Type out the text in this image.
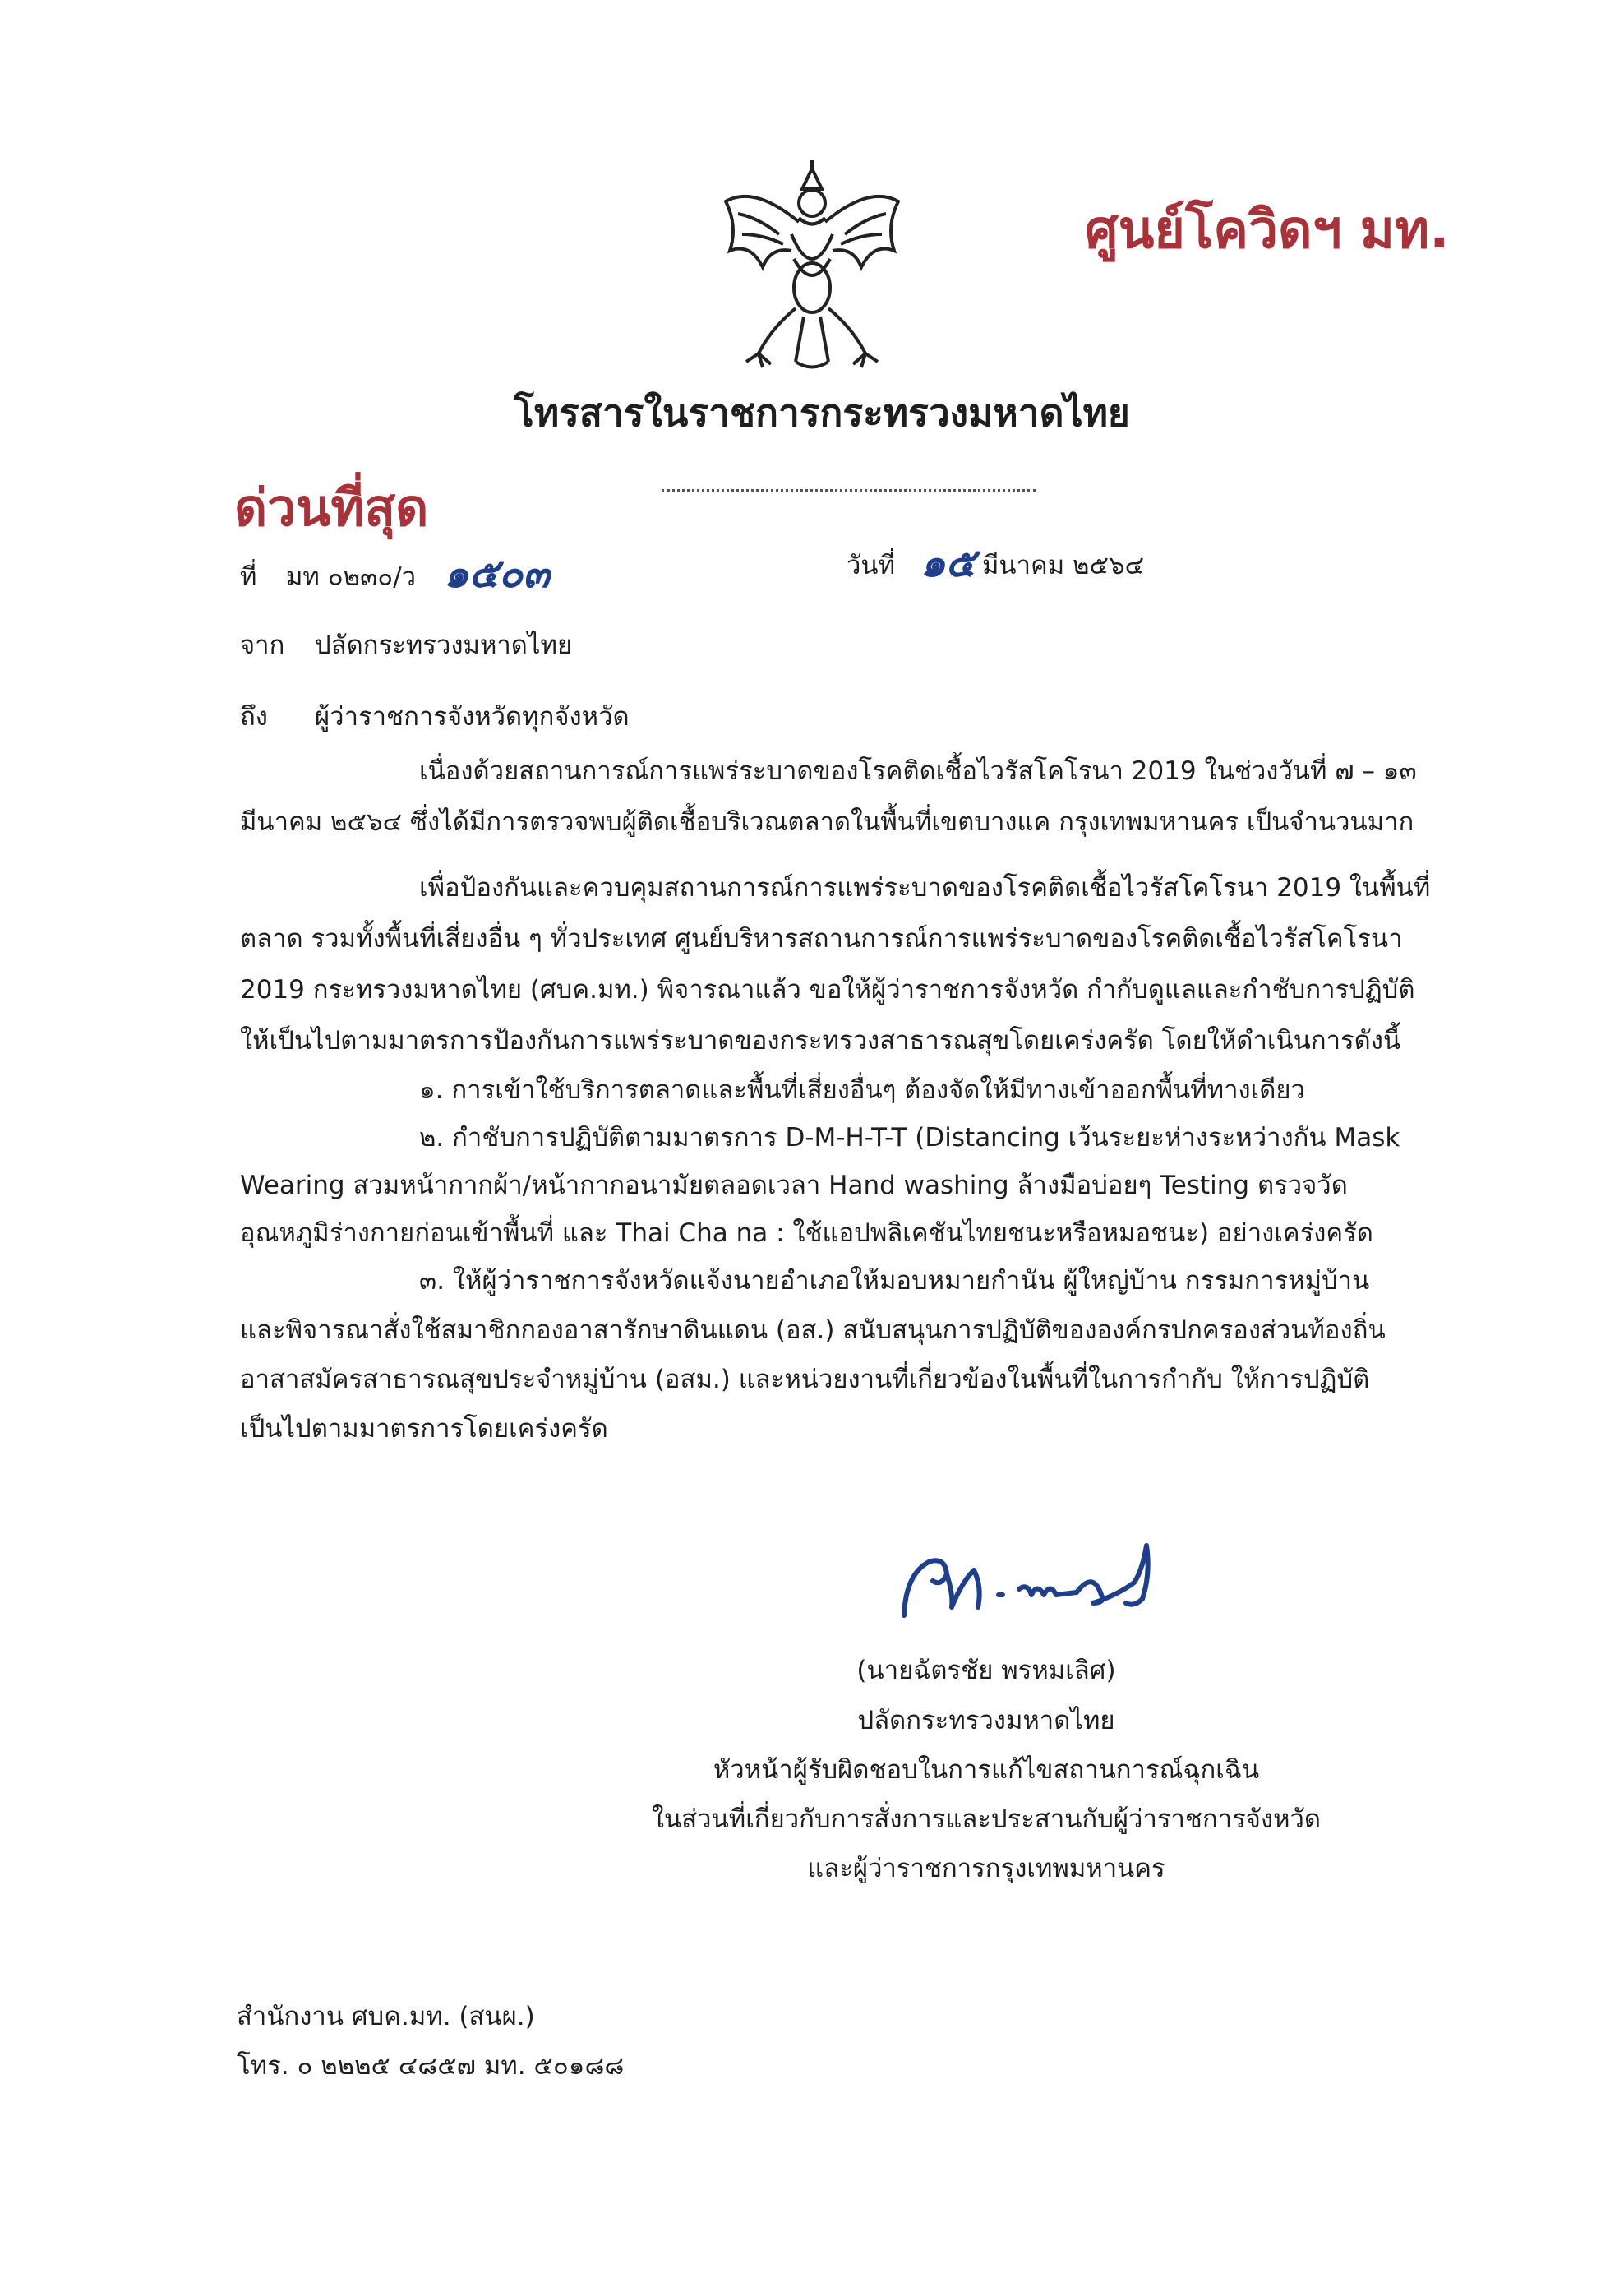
ศูนย์โควิดฯ มท.
โทรสารในราชการกระทรวงมหาดไทย
ด่วนที่สุด
ที่ มท ๐๒๓๐/ว ๑๕๐๓	วันที่ ๑๕ มีนาคม ๒๕๖๔
จาก ปลัดกระทรวงมหาดไทย
ถึง ผู้ว่าราชการจังหวัดทุกจังหวัด
เนื่องด้วยสถานการณ์การแพร่ระบาดของโรคติดเชื้อไวรัสโคโรนา 2019 ในช่วงวันที่ ๗ – ๑๓
มีนาคม ๒๕๖๔ ซึ่งได้มีการตรวจพบผู้ติดเชื้อบริเวณตลาดในพื้นที่เขตบางแค กรุงเทพมหานคร เป็นจำนวนมาก
เพื่อป้องกันและควบคุมสถานการณ์การแพร่ระบาดของโรคติดเชื้อไวรัสโคโรนา 2019 ในพื้นที่
ตลาด รวมทั้งพื้นที่เสี่ยงอื่น ๆ ทั่วประเทศ ศูนย์บริหารสถานการณ์การแพร่ระบาดของโรคติดเชื้อไวรัสโคโรนา
2019 กระทรวงมหาดไทย (ศบค.มท.) พิจารณาแล้ว ขอให้ผู้ว่าราชการจังหวัด กำกับดูแลและกำชับการปฏิบัติ
ให้เป็นไปตามมาตรการป้องกันการแพร่ระบาดของกระทรวงสาธารณสุขโดยเคร่งครัด โดยให้ดำเนินการดังนี้
๑. การเข้าใช้บริการตลาดและพื้นที่เสี่ยงอื่นๆ ต้องจัดให้มีทางเข้าออกพื้นที่ทางเดียว
๒. กำชับการปฏิบัติตามมาตรการ D-M-H-T-T (Distancing เว้นระยะห่างระหว่างกัน Mask
Wearing สวมหน้ากากผ้า/หน้ากากอนามัยตลอดเวลา Hand washing ล้างมือบ่อยๆ Testing ตรวจวัด
อุณหภูมิร่างกายก่อนเข้าพื้นที่ และ Thai Cha na : ใช้แอปพลิเคชันไทยชนะหรือหมอชนะ) อย่างเคร่งครัด
๓. ให้ผู้ว่าราชการจังหวัดแจ้งนายอำเภอให้มอบหมายกำนัน ผู้ใหญ่บ้าน กรรมการหมู่บ้าน
และพิจารณาสั่งใช้สมาชิกกองอาสารักษาดินแดน (อส.) สนับสนุนการปฏิบัติขององค์กรปกครองส่วนท้องถิ่น
อาสาสมัครสาธารณสุขประจำหมู่บ้าน (อสม.) และหน่วยงานที่เกี่ยวข้องในพื้นที่ในการกำกับ ให้การปฏิบัติ
เป็นไปตามมาตรการโดยเคร่งครัด
(นายฉัตรชัย พรหมเลิศ)
ปลัดกระทรวงมหาดไทย
หัวหน้าผู้รับผิดชอบในการแก้ไขสถานการณ์ฉุกเฉิน
ในส่วนที่เกี่ยวกับการสั่งการและประสานกับผู้ว่าราชการจังหวัด
และผู้ว่าราชการกรุงเทพมหานคร
สำนักงาน ศบค.มท. (สนผ.)
โทร. ๐ ๒๒๒๕ ๔๘๕๗ มท. ๕๐๑๘๘
